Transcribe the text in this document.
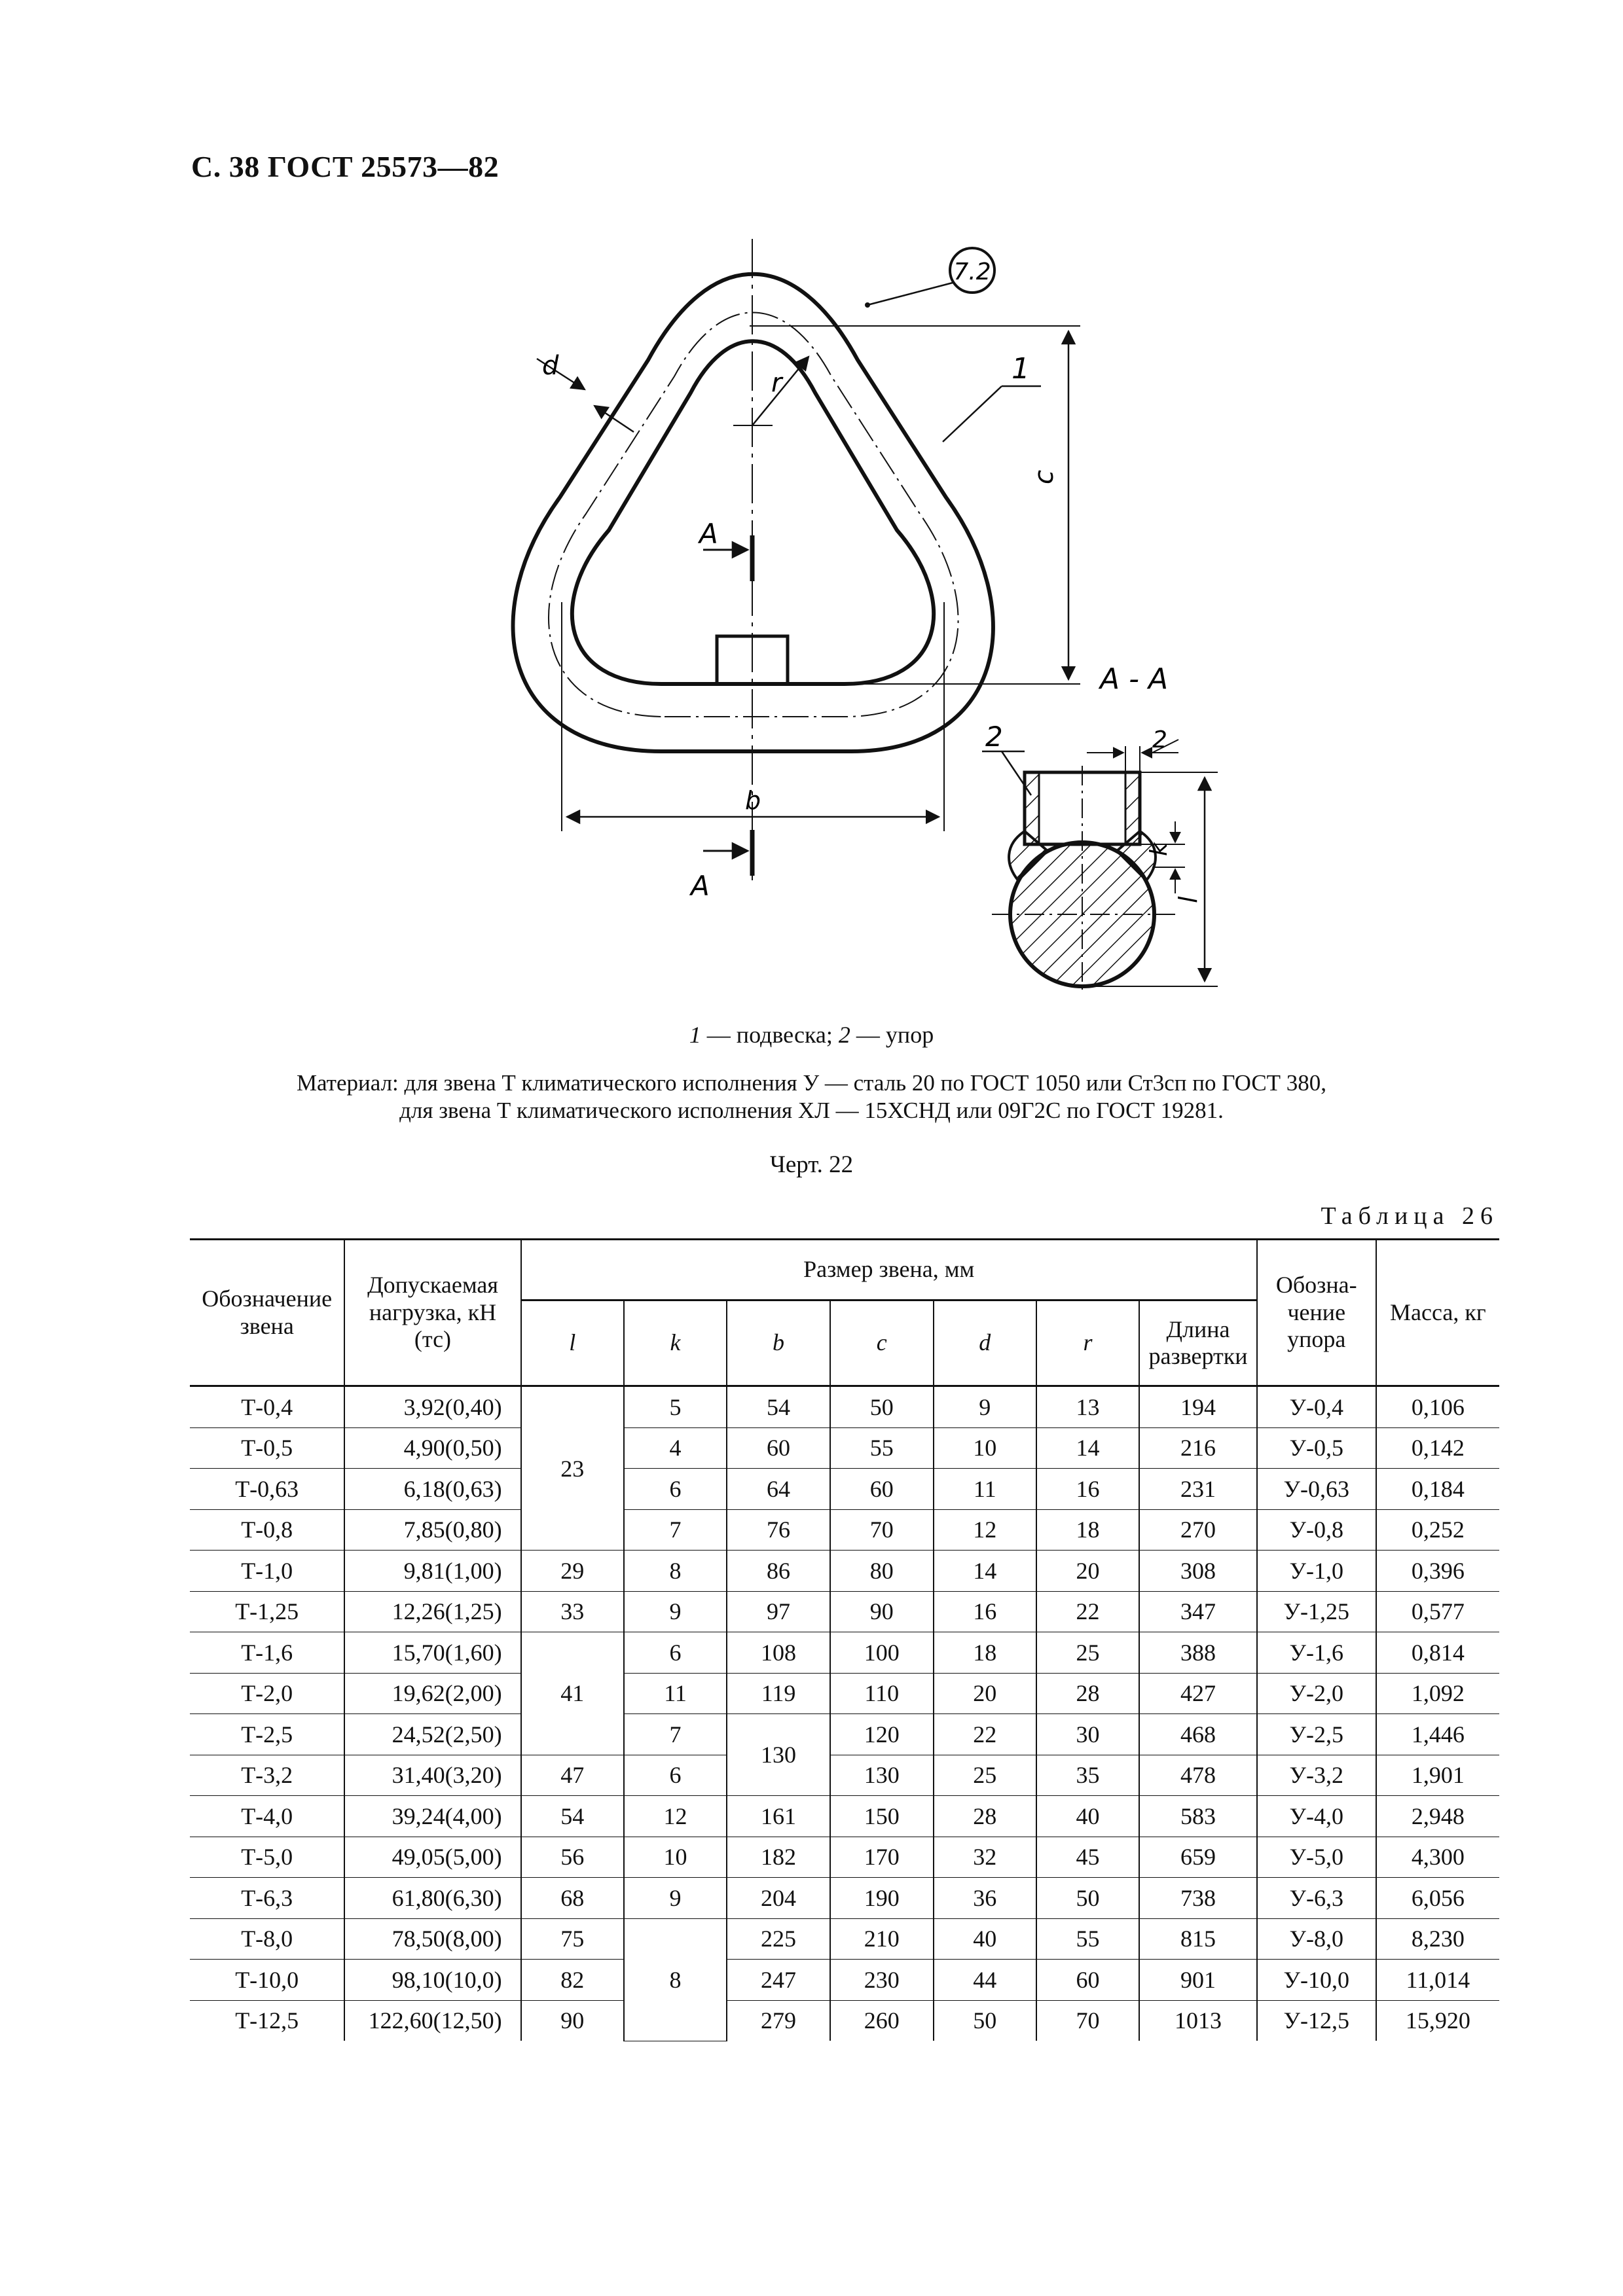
С. 38 ГОСТ 25573—82
А
А
r
d
c
b
7.2
1
А - А
2	2
k
l
1 — подвеска; 2 — упор
Материал: для звена Т климатического исполнения У — сталь 20 по ГОСТ 1050 или Ст3сп по ГОСТ 380,
для звена Т климатического исполнения ХЛ — 15ХСНД или 09Г2С по ГОСТ 19281.
Черт. 22
Таблица 26
Обозначение звена	Допускаемая нагрузка, кН (тс)	Размер звена, мм							Обозна- чение упора	Масса, кг
		l	k	b	c	d	r	Длина развертки		
Т-0,4	3,92(0,40)	23	5	54	50	9	13	194	У-0,4	0,106
Т-0,5	4,90(0,50)		4	60	55	10	14	216	У-0,5	0,142
Т-0,63	6,18(0,63)		6	64	60	11	16	231	У-0,63	0,184
Т-0,8	7,85(0,80)		7	76	70	12	18	270	У-0,8	0,252
Т-1,0	9,81(1,00)	29	8	86	80	14	20	308	У-1,0	0,396
Т-1,25	12,26(1,25)	33	9	97	90	16	22	347	У-1,25	0,577
Т-1,6	15,70(1,60)	41	6	108	100	18	25	388	У-1,6	0,814
Т-2,0	19,62(2,00)		11	119	110	20	28	427	У-2,0	1,092
Т-2,5	24,52(2,50)		7	130	120	22	30	468	У-2,5	1,446
Т-3,2	31,40(3,20)	47	6		130	25	35	478	У-3,2	1,901
Т-4,0	39,24(4,00)	54	12	161	150	28	40	583	У-4,0	2,948
Т-5,0	49,05(5,00)	56	10	182	170	32	45	659	У-5,0	4,300
Т-6,3	61,80(6,30)	68	9	204	190	36	50	738	У-6,3	6,056
Т-8,0	78,50(8,00)	75	8	225	210	40	55	815	У-8,0	8,230
Т-10,0	98,10(10,0)	82		247	230	44	60	901	У-10,0	11,014
Т-12,5	122,60(12,50)	90		279	260	50	70	1013	У-12,5	15,920
